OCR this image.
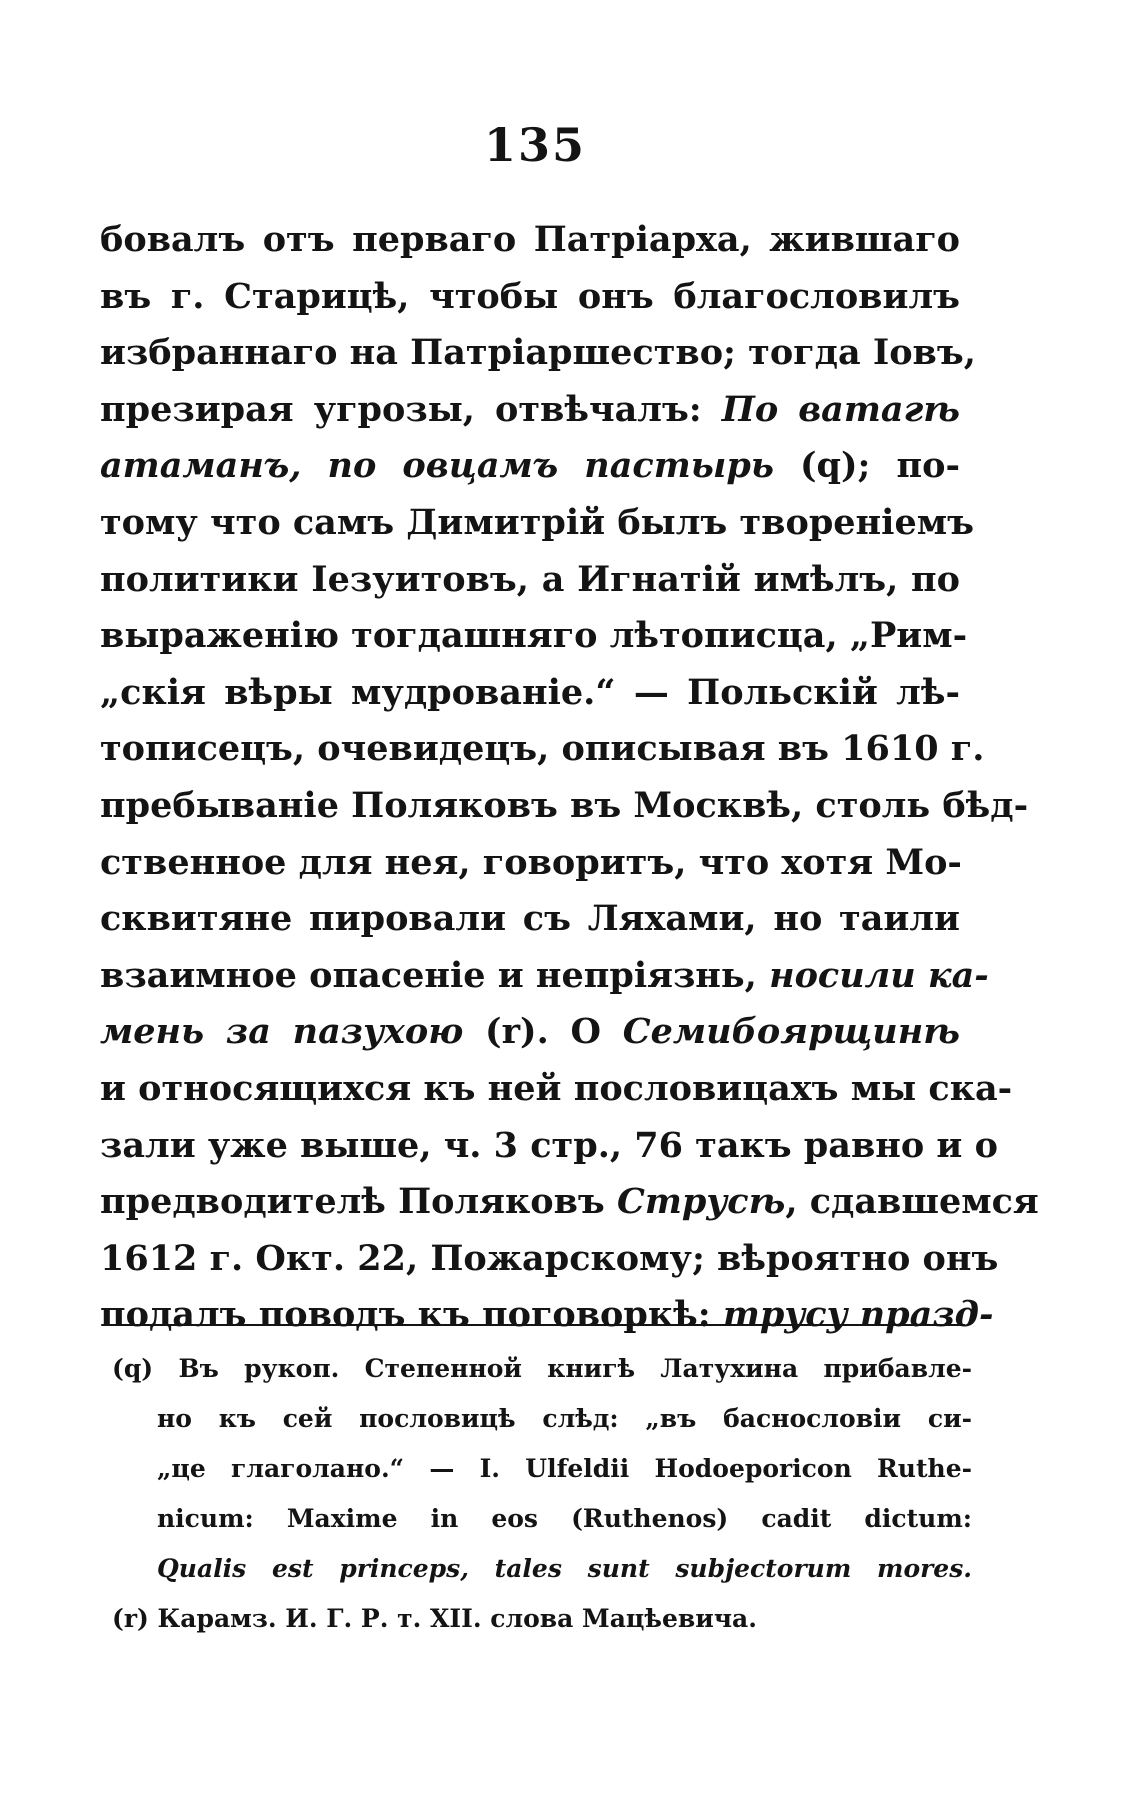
135
бовалъ отъ перваго Патріарха, жившаго
въ г. Старицѣ, чтобы онъ благословилъ
избраннаго на Патріаршество; тогда Іовъ,
презирая угрозы, отвѣчалъ: По ватагѣ
атаманъ, по овцамъ пастырь (q); по-
тому что самъ Димитрій былъ твореніемъ
политики Іезуитовъ, а Игнатій имѣлъ, по
выраженію тогдашняго лѣтописца, „Рим-
„скія вѣры мудрованіе.“ — Польскій лѣ-
тописецъ, очевидецъ, описывая въ 1610 г.
пребываніе Поляковъ въ Москвѣ, столь бѣд-
ственное для нея, говоритъ, что хотя Мо-
сквитяне пировали съ Ляхами, но таили
взаимное опасеніе и непріязнь, носили ка-
мень за пазухою (r). О Семибоярщинѣ
и относящихся къ ней пословицахъ мы ска-
зали уже выше, ч. 3 стр., 76 такъ равно и о
предводителѣ Поляковъ Струсѣ, сдавшемся
1612 г. Окт. 22, Пожарскому; вѣроятно онъ
подалъ поводъ къ поговоркѣ: трусу празд-
(q) Въ рукоп. Степенной книгѣ Латухина прибавле-
но къ сей пословицѣ слѣд: „въ баснословіи си-
„це глаголано.“ — I. Ulfeldii Hodoeporicon Ruthe-
nicum: Maxime in eos (Ruthenos) cadit dictum:
Qualis est princeps, tales sunt subjectorum mores.
(r) Карамз. И. Г. Р. т. XII. слова Мацѣевича.
